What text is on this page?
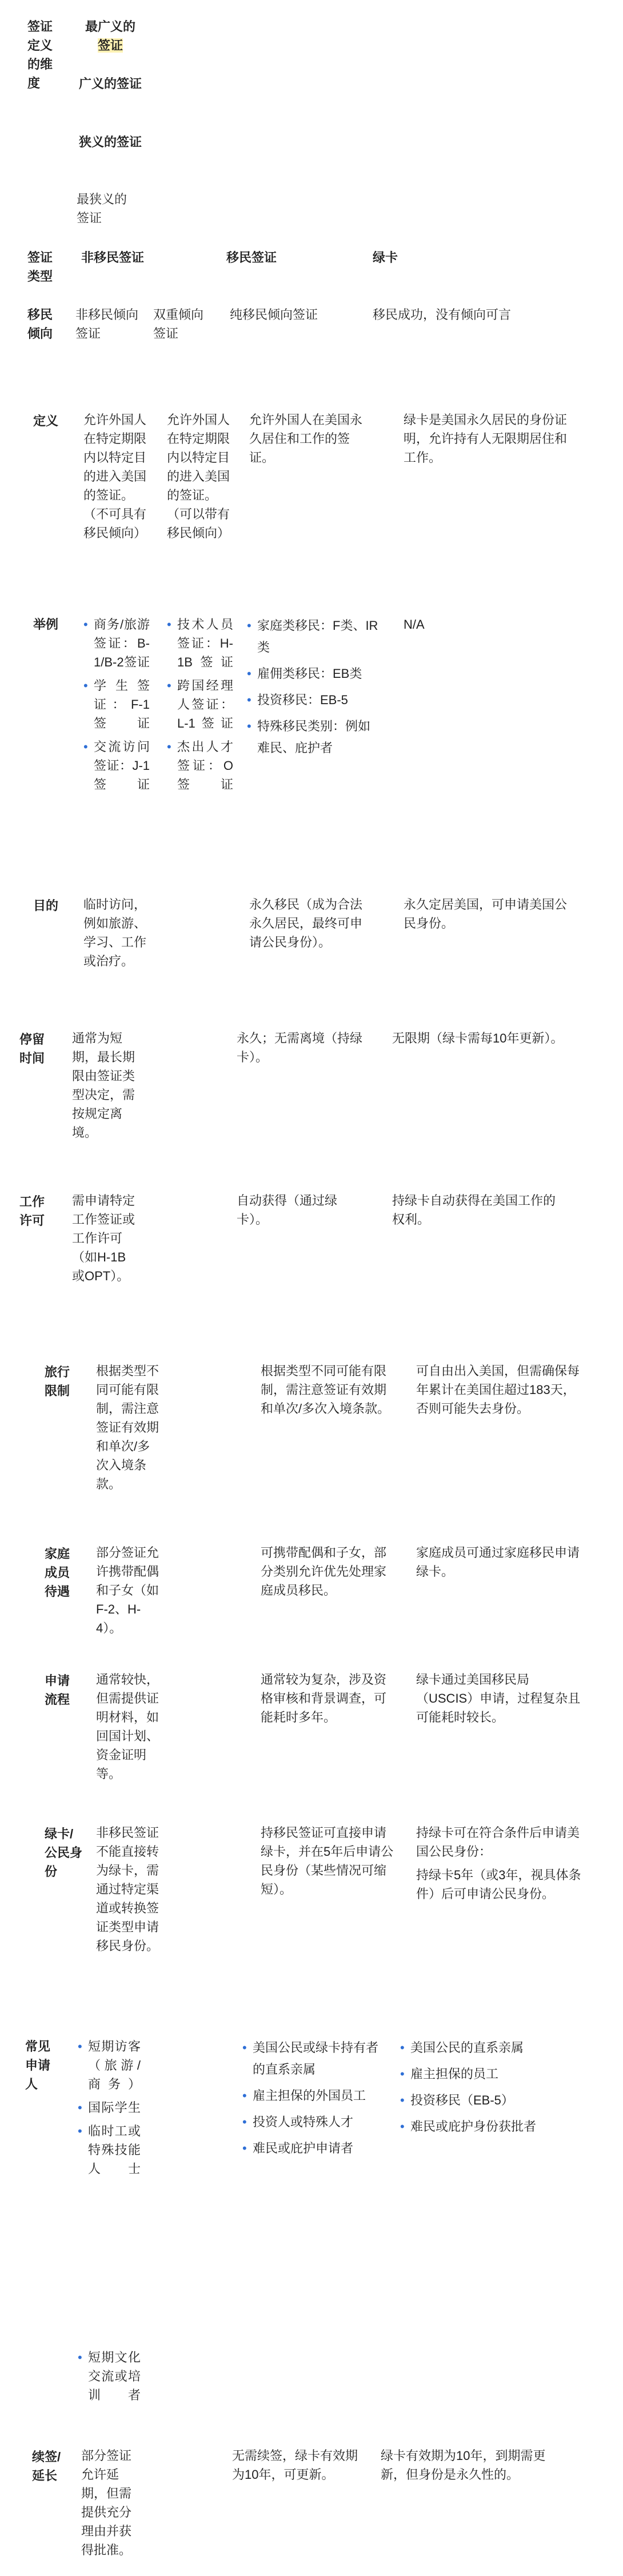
签证定义的维度
最广义的
签证
广义的签证
狭义的签证
最狭义的签证
签证类型
非移民签证	移民签证	绿卡
移民倾向
非移民倾向签证
双重倾向签证
纯移民倾向签证	移民成功，没有倾向可言
定义 允许外国人在特定期限内以特定目的进入美国的签证。（不可具有移民倾向）
允许外国人在特定期限内以特定目的进入美国的签证。（可以带有移民倾向）
允许外国人在美国永久居住和工作的签证。
绿卡是美国永久居民的身份证明，允许持有人无限期居住和工作。
举例
•	商务/旅游签证：B-1/B-2签证
• 学生签证：F-1签证
• 交流访问签证：J-1签证
• 技术人员签证：H-1B签证
• 跨国经理人签证：L-1签证
• 杰出人才签证：O签证
• 家庭类移民：F类、IR类
• 雇佣类移民：EB类
• 投资移民：EB-5
• 特殊移民类别：例如难民、庇护者
N/A
目的	临时访问，例如旅游、学习、工作或治疗。
永久移民（成为合法永久居民，最终可申请公民身份）。
永久定居美国，可申请美国公民身份。
停留时间
通常为短期，最长期限由签证类型决定，需按规定离境。
永久；无需离境（持绿卡）。
无限期（绿卡需每10年更新）。
工作许可
需申请特定工作签证或工作许可（如H-1B或OPT）。
自动获得（通过绿卡）。
持绿卡自动获得在美国工作的权利。
旅行限制
根据类型不同可能有限制，需注意签证有效期和单次/多次入境条款。
根据类型不同可能有限制，需注意签证有效期和单次/多次入境条款。
可自由出入美国，但需确保每年累计在美国住超过183天，否则可能失去身份。
家庭成员待遇
部分签证允许携带配偶和子女（如F-2、H-4）。
可携带配偶和子女，部分类别允许优先处理家庭成员移民。
家庭成员可通过家庭移民申请绿卡。
申请流程
通常较快，但需提供证明材料，如回国计划、资金证明等。
通常较为复杂，涉及资格审核和背景调查，可能耗时多年。
绿卡通过美国移民局（USCIS）申请，过程复杂且可能耗时较长。
绿卡/公民身份
非移民签证不能直接转为绿卡，需通过特定渠道或转换签证类型申请移民身份。
持移民签证可直接申请绿卡，并在5年后申请公民身份（某些情况可缩短）。
持绿卡可在符合条件后申请美国公民身份：
持绿卡5年（或3年，视具体条件）后可申请公民身份。
常见申请人
• 短期访客（旅游/商务）
• 国际学生
• 临时工或特殊技能人士
• 短期文化交流或培训者
• 美国公民或绿卡持有者的直系亲属
• 雇主担保的外国员工
• 投资人或特殊人才
• 难民或庇护申请者
• 美国公民的直系亲属
• 雇主担保的员工
• 投资移民（EB-5）
• 难民或庇护身份获批者
续签/延长
部分签证允许延期，但需提供充分理由并获得批准。
无需续签，绿卡有效期为10年，可更新。
绿卡有效期为10年，到期需更新，但身份是永久性的。
